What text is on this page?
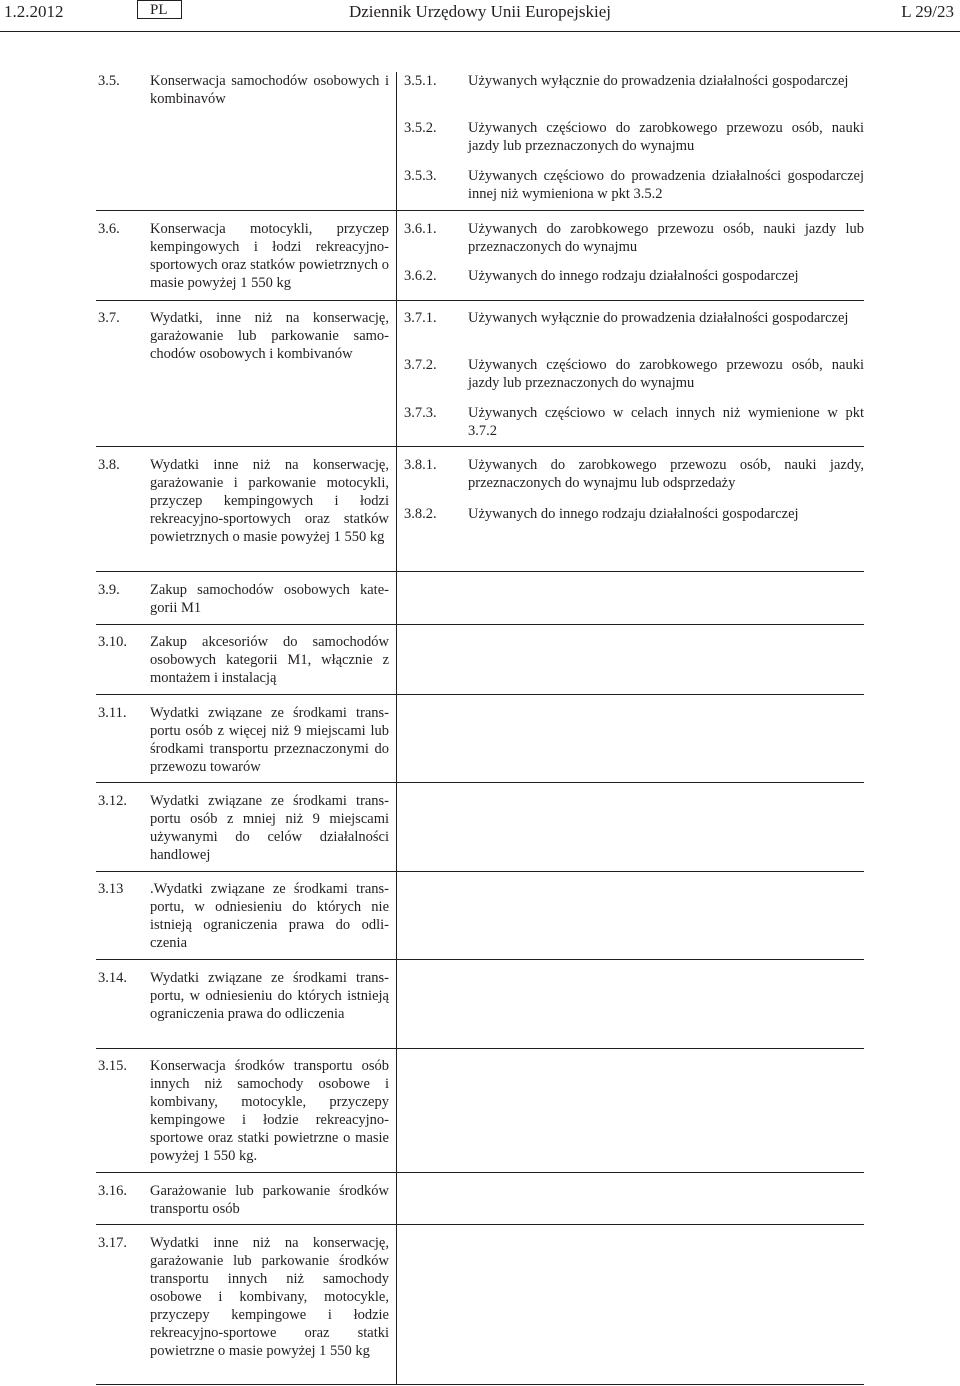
1.2.2012	PL	Dziennik Urzędowy Unii Europejskiej	L 29/23
3.5. Konserwacja samochodów osobowych i kombinavów
3.5.1. Używanych wyłącznie do prowadzenia działalności gospodarczej
3.5.2. Używanych częściowo do zarobkowego przewozu osób, nauki jazdy lub przeznaczonych do wynajmu
3.5.3. Używanych częściowo do prowadzenia działalności gospodarczej innej niż wymieniona w pkt 3.5.2
3.6. Konserwacja motocykli, przyczep kempingowych i łodzi rekreacyjno-sportowych oraz statków powietrznych o masie powyżej 1 550 kg
3.6.1. Używanych do zarobkowego przewozu osób, nauki jazdy lub przeznaczonych do wynajmu
3.6.2. Używanych do innego rodzaju działalności gospodarczej
3.7. Wydatki, inne niż na konserwację, garażowanie lub parkowanie samochodów osobowych i kombivanów
3.7.1. Używanych wyłącznie do prowadzenia działalności gospodarczej
3.7.2. Używanych częściowo do zarobkowego przewozu osób, nauki jazdy lub przeznaczonych do wynajmu
3.7.3. Używanych częściowo w celach innych niż wymienione w pkt 3.7.2
3.8. Wydatki inne niż na konserwację, garażowanie i parkowanie motocykli, przyczep kempingowych i łodzi rekreacyjno-sportowych oraz statków powietrznych o masie powyżej 1 550 kg
3.8.1. Używanych do zarobkowego przewozu osób, nauki jazdy, przeznaczonych do wynajmu lub odsprzedaży
3.8.2. Używanych do innego rodzaju działalności gospodarczej
3.9. Zakup samochodów osobowych kategorii M1
3.10. Zakup akcesoriów do samochodów osobowych kategorii M1, włącznie z montażem i instalacją
3.11. Wydatki związane ze środkami transportu osób z więcej niż 9 miejscami lub środkami transportu przeznaczonymi do przewozu towarów
3.12. Wydatki związane ze środkami transportu osób z mniej niż 9 miejscami używanymi do celów działalności handlowej
3.13 .Wydatki związane ze środkami transportu, w odniesieniu do których nie istnieją ograniczenia prawa do odliczenia
3.14. Wydatki związane ze środkami transportu, w odniesieniu do których istnieją ograniczenia prawa do odliczenia
3.15. Konserwacja środków transportu osób innych niż samochody osobowe i kombivany, motocykle, przyczepy kempingowe i łodzie rekreacyjno-sportowe oraz statki powietrzne o masie powyżej 1 550 kg.
3.16. Garażowanie lub parkowanie środków transportu osób
3.17. Wydatki inne niż na konserwację, garażowanie lub parkowanie środków transportu innych niż samochody osobowe i kombivany, motocykle, przyczepy kempingowe i łodzie rekreacyjno-sportowe oraz statki powietrzne o masie powyżej 1 550 kg
